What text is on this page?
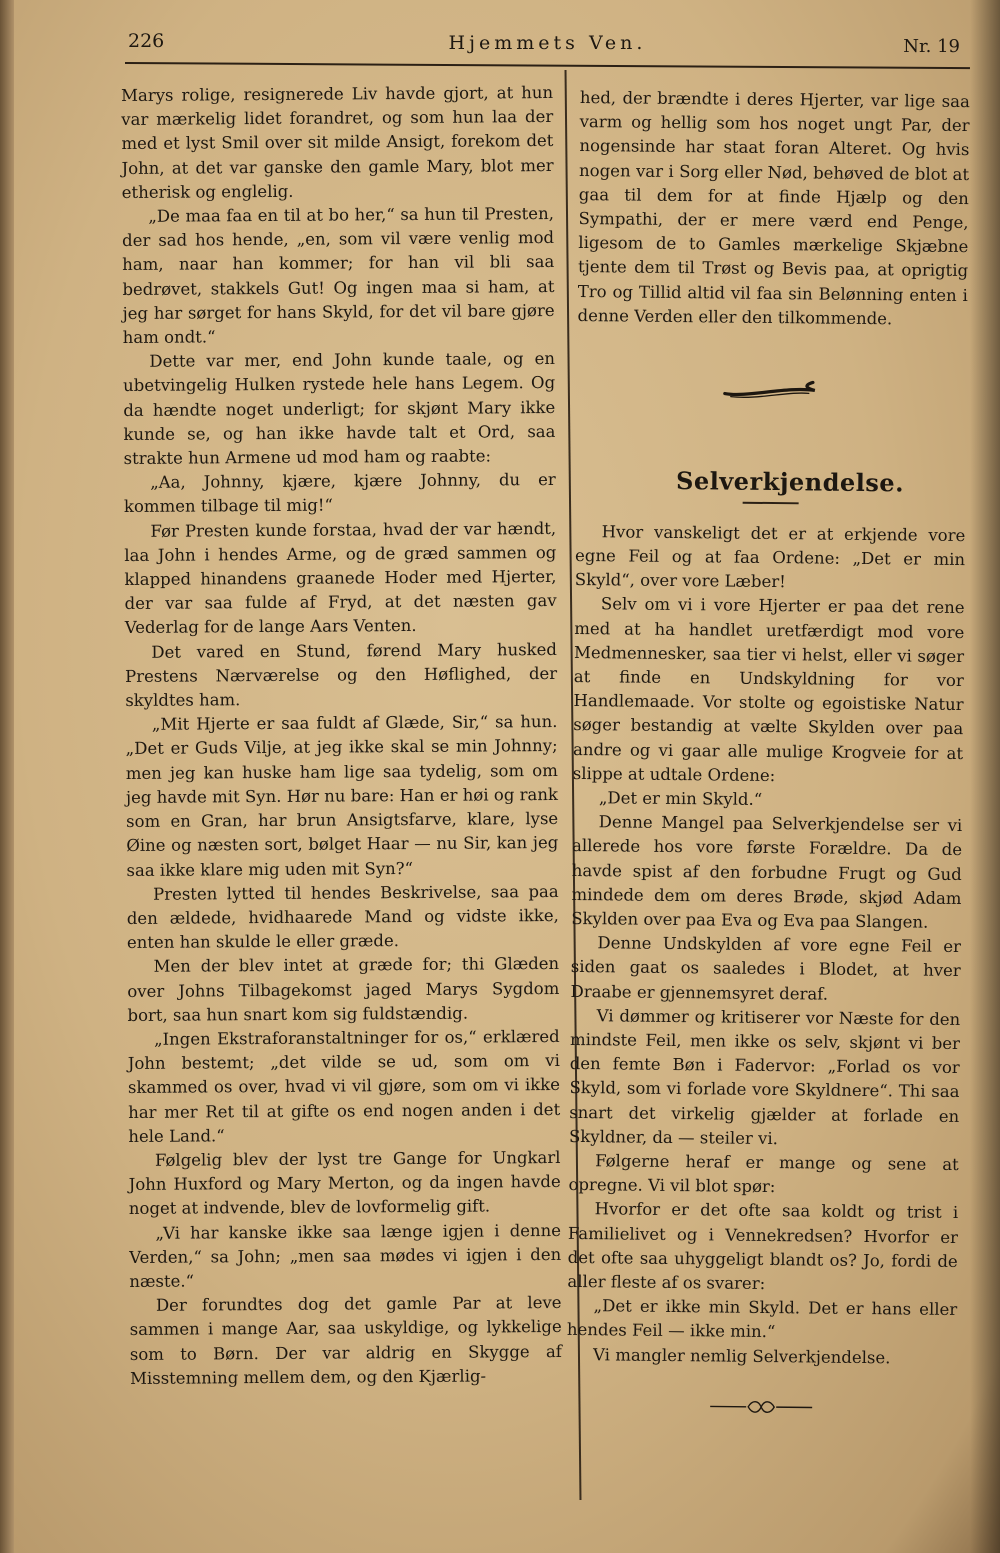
226	Hjemmets Ven.	Nr. 19

Marys rolige, resignerede Liv havde gjort, at hun var mærkelig lidet forandret, og som hun laa der med et lyst Smil over sit milde Ansigt, forekom det John, at det var ganske den gamle Mary, blot mer etherisk og englelig.

„De maa faa en til at bo her,“ sa hun til Presten, der sad hos hende, „en, som vil være venlig mod ham, naar han kommer; for han vil bli saa bedrøvet, stakkels Gut! Og ingen maa si ham, at jeg har sørget for hans Skyld, for det vil bare gjøre ham ondt.“

Dette var mer, end John kunde taale, og en ubetvingelig Hulken rystede hele hans Legem. Og da hændte noget underligt; for skjønt Mary ikke kunde se, og han ikke havde talt et Ord, saa strakte hun Armene ud mod ham og raabte:

„Aa, Johnny, kjære, kjære Johnny, du er kommen tilbage til mig!“

Før Presten kunde forstaa, hvad der var hændt, laa John i hendes Arme, og de græd sammen og klapped hinandens graanede Hoder med Hjerter, der var saa fulde af Fryd, at det næsten gav Vederlag for de lange Aars Venten.

Det vared en Stund, førend Mary husked Prestens Nærværelse og den Høflighed, der skyldtes ham.

„Mit Hjerte er saa fuldt af Glæde, Sir,“ sa hun. „Det er Guds Vilje, at jeg ikke skal se min Johnny; men jeg kan huske ham lige saa tydelig, som om jeg havde mit Syn. Hør nu bare: Han er høi og rank som en Gran, har brun Ansigtsfarve, klare, lyse Øine og næsten sort, bølget Haar — nu Sir, kan jeg saa ikke klare mig uden mit Syn?“

Presten lytted til hendes Beskrivelse, saa paa den ældede, hvidhaarede Mand og vidste ikke, enten han skulde le eller græde.

Men der blev intet at græde for; thi Glæden over Johns Tilbagekomst jaged Marys Sygdom bort, saa hun snart kom sig fuldstændig.

„Ingen Ekstraforanstaltninger for os,“ erklæred John bestemt; „det vilde se ud, som om vi skammed os over, hvad vi vil gjøre, som om vi ikke har mer Ret til at gifte os end nogen anden i det hele Land.“

Følgelig blev der lyst tre Gange for Ungkarl John Huxford og Mary Merton, og da ingen havde noget at indvende, blev de lovformelig gift.

„Vi har kanske ikke saa længe igjen i denne Verden,“ sa John; „men saa mødes vi igjen i den næste.“

Der forundtes dog det gamle Par at leve sammen i mange Aar, saa uskyldige, og lykkelige som to Børn. Der var aldrig en Skygge af Misstemning mellem dem, og den Kjærlig-

hed, der brændte i deres Hjerter, var lige saa varm og hellig som hos noget ungt Par, der nogensinde har staat foran Alteret. Og hvis nogen var i Sorg eller Nød, behøved de blot at gaa til dem for at finde Hjælp og den Sympathi, der er mere værd end Penge, ligesom de to Gamles mærkelige Skjæbne tjente dem til Trøst og Bevis paa, at oprigtig Tro og Tillid altid vil faa sin Belønning enten i denne Verden eller den tilkommende.

Selverkjendelse.

Hvor vanskeligt det er at erkjende vore egne Feil og at faa Ordene: „Det er min Skyld“, over vore Læber!

Selv om vi i vore Hjerter er paa det rene med at ha handlet uretfærdigt mod vore Medmennesker, saa tier vi helst, eller vi søger at finde en Undskyldning for vor Handlemaade. Vor stolte og egoistiske Natur søger bestandig at vælte Skylden over paa andre og vi gaar alle mulige Krogveie for at slippe at udtale Ordene:

„Det er min Skyld.“

Denne Mangel paa Selverkjendelse ser vi allerede hos vore første Forældre. Da de havde spist af den forbudne Frugt og Gud mindede dem om deres Brøde, skjød Adam Skylden over paa Eva og Eva paa Slangen.

Denne Undskylden af vore egne Feil er siden gaat os saaledes i Blodet, at hver Draabe er gjennemsyret deraf.

Vi dømmer og kritiserer vor Næste for den mindste Feil, men ikke os selv, skjønt vi ber den femte Bøn i Fadervor: „Forlad os vor Skyld, som vi forlade vore Skyldnere“. Thi saa snart det virkelig gjælder at forlade en Skyldner, da — steiler vi.

Følgerne heraf er mange og sene at opregne. Vi vil blot spør:

Hvorfor er det ofte saa koldt og trist i Familielivet og i Vennekredsen? Hvorfor er det ofte saa uhyggeligt blandt os? Jo, fordi de aller fleste af os svarer:

„Det er ikke min Skyld. Det er hans eller hendes Feil — ikke min.“

Vi mangler nemlig Selverkjendelse.
